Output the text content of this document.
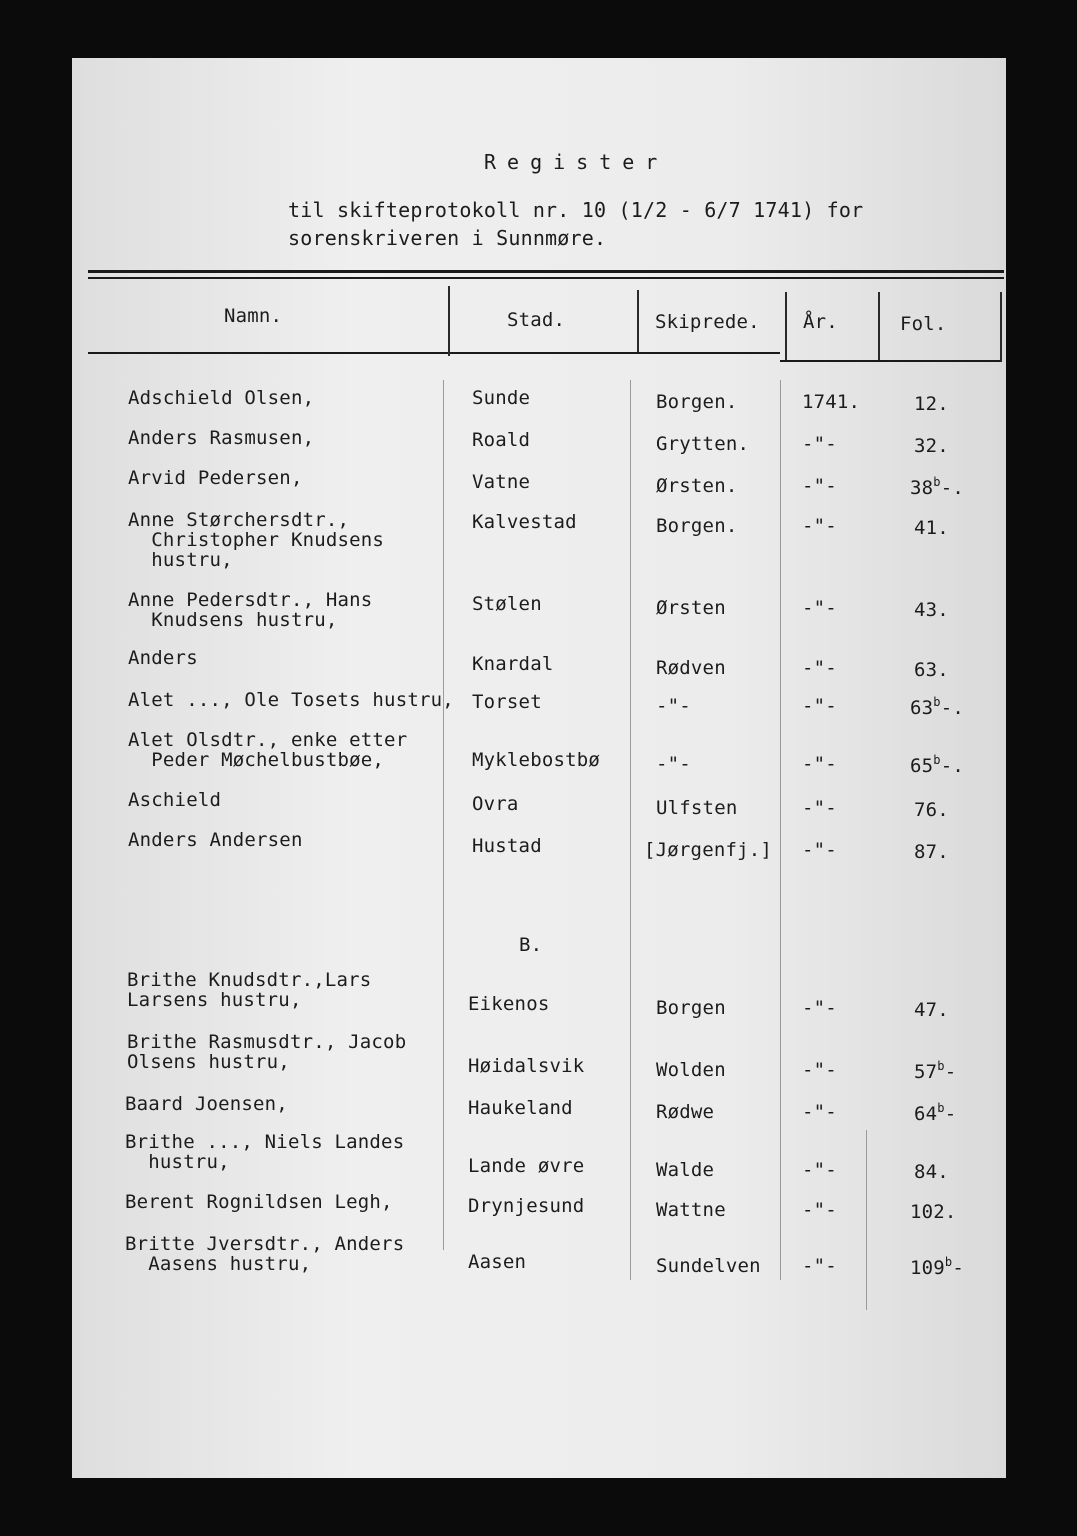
Register
til skifteprotokoll nr. 10 (1/2 - 6/7 1741) for
sorenskriveren i Sunnmøre.
Namn.	Stad.	Skiprede. År.	Fol.
Adschield Olsen,	Sunde	Borgen.	1741.	12.
Anders Rasmusen,	Roald	Grytten.	-"-	32.
Arvid Pedersen,	Vatne	Ørsten.	-"-	38$^b$-.
Anne Størchersdtr.,
Christopher Knudsens
hustru,
Kalvestad	Borgen.	-"-	41.
Anne Pedersdtr., Hans
Knudsens hustru,
Stølen	Ørsten	-"-	43.
Anders	Knardal	Rødven	-"-	63.
Alet ..., Ole Tosets hustru, Torset	-"-	-"-	63$^b$-.
Alet Olsdtr., enke etter
Peder Møchelbustbøe,	Myklebostbø	-"-	-"-	65$^b$-.
Aschield	Ovra	Ulfsten	-"-	76.
Anders Andersen	Hustad	[Jørgenfj.] -"-	87.
Brithe Knudsdtr.,Lars
Larsens hustru,	Eikenos	Borgen	-"-	47.
Brithe Rasmusdtr., Jacob
Olsens hustru,	Høidalsvik	Wolden	-"-	57$^b$-
Baard Joensen,	Haukeland	Rødwe	-"-	64$^b$-
Brithe ..., Niels Landes
hustru,	Lande øvre	Walde	-"-	84.
Berent Rognildsen Legh,	Drynjesund	Wattne	-"-	102.
Britte Jversdtr., Anders
Aasens hustru,	Aasen	Sundelven -"-	109$^b$-
B.
